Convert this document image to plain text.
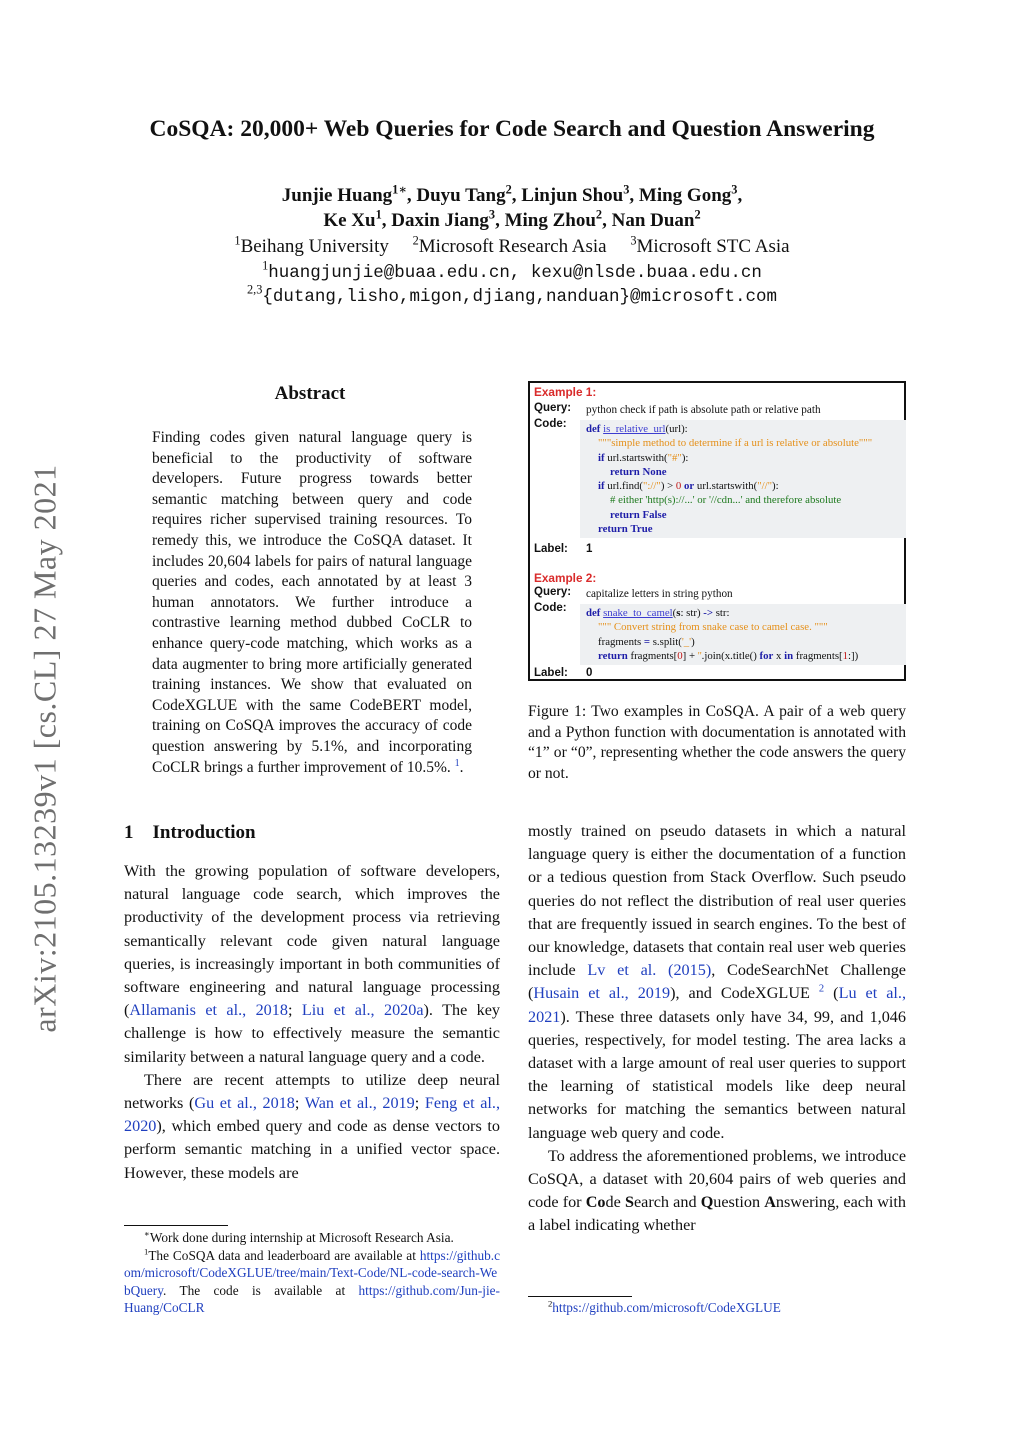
arXiv:2105.13239v1 [cs.CL] 27 May 2021
CoSQA: 20,000+ Web Queries for Code Search and Question Answering
Junjie Huang$^{1∗}$, Duyu Tang$^2$, Linjun Shou$^3$, Ming Gong$^3$,
Ke Xu$^1$, Daxin Jiang$^3$, Ming Zhou$^2$, Nan Duan$^2$
$^1$Beihang University $^2$Microsoft Research Asia $^3$Microsoft STC Asia
$^1$huangjunjie@buaa.edu.cn, kexu@nlsde.buaa.edu.cn
$^{2,3}${dutang,lisho,migon,djiang,nanduan}@microsoft.com
Abstract
Finding codes given natural language query is beneficial to the productivity of software developers. Future progress towards better semantic matching between query and code requires richer supervised training resources. To remedy this, we introduce the CoSQA dataset. It includes 20,604 labels for pairs of natural language queries and codes, each annotated by at least 3 human annotators. We further introduce a contrastive learning method dubbed CoCLR to enhance query-code matching, which works as a data augmenter to bring more artificially generated training instances. We show that evaluated on CodeXGLUE with the same CodeBERT model, training on CoSQA improves the accuracy of code question answering by 5.1%, and incorporating CoCLR brings a further improvement of 10.5%. $^1$.
1 Introduction

With the growing population of software developers, natural language code search, which improves the productivity of the development process via retrieving semantically relevant code given natural language queries, is increasingly important in both communities of software engineering and natural language processing (Allamanis et al., 2018; Liu et al., 2020a). The key challenge is how to effectively measure the semantic similarity between a natural language query and a code.

There are recent attempts to utilize deep neural networks (Gu et al., 2018; Wan et al., 2019; Feng et al., 2020), which embed query and code as dense vectors to perform semantic matching in a unified vector space. However, these models are

∗Work done during internship at Microsoft Research Asia.
$^1$The CoSQA data and leaderboard are available at https://github.com/microsoft/CodeXGLUE/tree/main/Text-Code/NL-code-search-WebQuery. The code is available at https://github.com/Jun-jie-Huang/CoCLR
Example 1:
Query: python check if path is absolute path or relative path
Code: def is_relative_url(url):
"""simple method to determine if a url is relative or absolute"""
if url.startswith("#"):
return None
if url.find("://") > 0 or url.startswith("//"):
# either 'http(s)://...' or '//cdn...' and therefore absolute
return False
return True
Label: 1
Example 2:
Query: capitalize letters in string python
Code: def snake_to_camel(s: str) -> str:
""" Convert string from snake case to camel case. """
fragments = s.split('_')
return fragments[0] + ''.join(x.title() for x in fragments[1:])
Label: 0
Figure 1: Two examples in CoSQA. A pair of a web query and a Python function with documentation is annotated with “1” or “0”, representing whether the code answers the query or not.

mostly trained on pseudo datasets in which a natural language query is either the documentation of a function or a tedious question from Stack Overflow. Such pseudo queries do not reflect the distribution of real user queries that are frequently issued in search engines. To the best of our knowledge, datasets that contain real user web queries include Lv et al. (2015), CodeSearchNet Challenge (Husain et al., 2019), and CodeXGLUE $^2$ (Lu et al., 2021). These three datasets only have 34, 99, and 1,046 queries, respectively, for model testing. The area lacks a dataset with a large amount of real user queries to support the learning of statistical models like deep neural networks for matching the semantics between natural language web query and code.

To address the aforementioned problems, we introduce CoSQA, a dataset with 20,604 pairs of web queries and code for Code Search and Question Answering, each with a label indicating whether

$^2$https://github.com/microsoft/CodeXGLUE
